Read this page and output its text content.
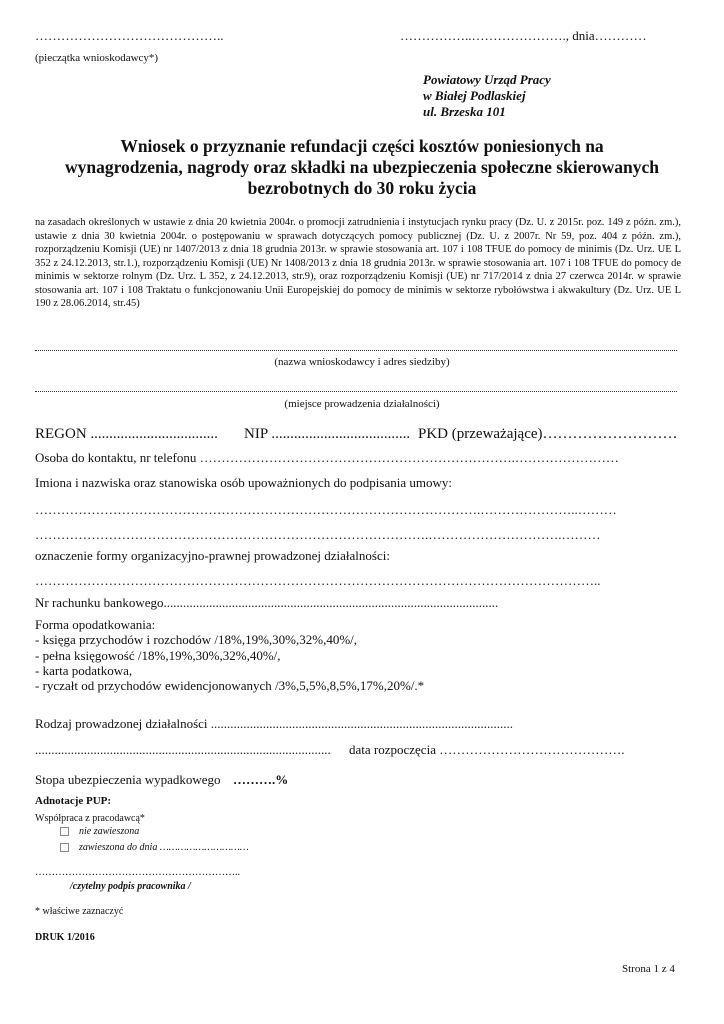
……………………………………..	……………..…………………., dnia…………
(pieczątka wnioskodawcy*)
Powiatowy Urząd Pracy
w Białej Podlaskiej
ul. Brzeska 101
Wniosek o przyznanie refundacji części kosztów poniesionych na wynagrodzenia, nagrody oraz składki na ubezpieczenia społeczne skierowanych bezrobotnych do 30 roku życia
na zasadach określonych w ustawie z dnia 20 kwietnia 2004r. o promocji zatrudnienia i instytucjach rynku pracy (Dz. U. z 2015r. poz. 149 z późn. zm.), ustawie z dnia 30 kwietnia 2004r. o postępowaniu w sprawach dotyczących pomocy publicznej (Dz. U. z 2007r. Nr 59, poz. 404 z późn. zm.), rozporządzeniu Komisji (UE) nr 1407/2013 z dnia 18 grudnia 2013r. w sprawie stosowania art. 107 i 108 TFUE do pomocy de minimis (Dz. Urz. UE L 352 z 24.12.2013, str.1.), rozporządzeniu Komisji (UE) Nr 1408/2013 z dnia 18 grudnia 2013r. w sprawie stosowania art. 107 i 108 TFUE do pomocy de minimis w sektorze rolnym (Dz. Urz. L 352, z 24.12.2013, str.9), oraz rozporządzeniu Komisji (UE) nr 717/2014 z dnia 27 czerwca 2014r. w sprawie stosowania art. 107 i 108 Traktatu o funkcjonowaniu Unii Europejskiej do pomocy de minimis w sektorze rybołówstwa i akwakultury (Dz. Urz. UE L 190 z 28.06.2014, str.45)
(nazwa wnioskodawcy i adres siedziby)
(miejsce prowadzenia działalności)
REGON .................................. NIP ..................................... PKD (przeważające)………………………
Osoba do kontaktu, nr telefonu ……………………………………………………………….……………………
Imiona i nazwiska oraz stanowiska osób upoważnionych do podpisania umowy:
………………………………………………………………………………………….…………………..………
……………………………………………………………………………….………………………….………
oznaczenie formy organizacyjno-prawnej prowadzonej działalności:
…………………………………………………………………………………………………………………..
Nr rachunku bankowego.......................................................................................................
Forma opodatkowania:
- księga przychodów i rozchodów /18%,19%,30%,32%,40%/,
- pełna księgowość /18%,19%,30%,32%,40%/,
- karta podatkowa,
- ryczałt od przychodów ewidencjonowanych /3%,5,5%,8,5%,17%,20%/.*
Rodzaj prowadzonej działalności .............................................................................................
........................................................................................... data rozpoczęcia …………………………………….
Stopa ubezpieczenia wypadkowego ……….%
Adnotacje PUP:
Współpraca z pracodawcą*
nie zawieszona
zawieszona do dnia …………………………
……………………………………………………..
/czytelny podpis pracownika /
* właściwe zaznaczyć
DRUK 1/2016
Strona 1 z 4
